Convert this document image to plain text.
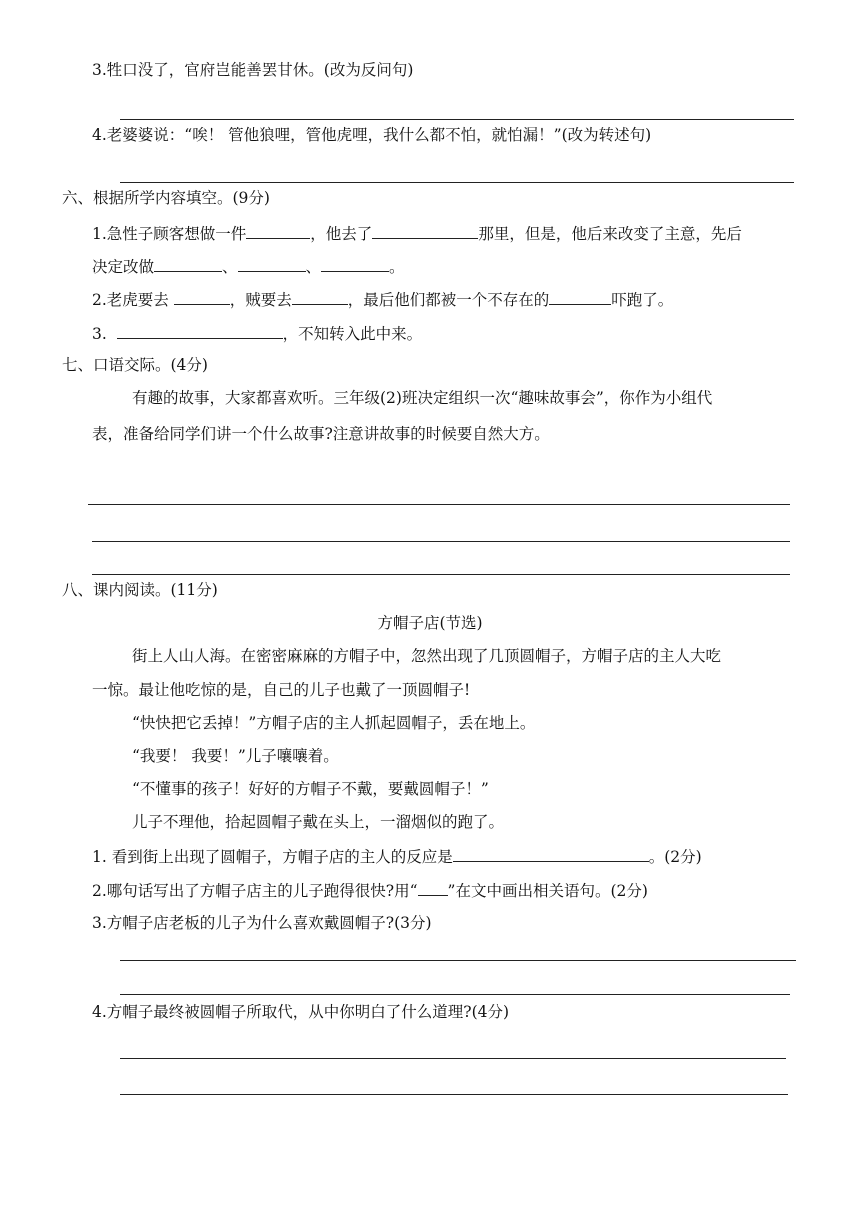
3.牲口没了，官府岂能善罢甘休。(改为反问句)
4.老婆婆说：“唉！ 管他狼哩，管他虎哩，我什么都不怕，就怕漏！”(改为转述句)
六、根据所学内容填空。(9分)
1.急性子顾客想做一件	，他去了	那里，但是，他后来改变了主意，先后
决定改做	、	、	。
2.老虎要去	，贼要去	，最后他们都被一个不存在的	吓跑了。
3.	，不知转入此中来。
七、口语交际。(4分)
有趣的故事，大家都喜欢听。三年级(2)班决定组织一次“趣味故事会”，你作为小组代
表，准备给同学们讲一个什么故事?注意讲故事的时候要自然大方。
八、课内阅读。(11分)
方帽子店(节选)
街上人山人海。在密密麻麻的方帽子中，忽然出现了几顶圆帽子，方帽子店的主人大吃
一惊。最让他吃惊的是，自己的儿子也戴了一顶圆帽子!
“快快把它丢掉！”方帽子店的主人抓起圆帽子，丢在地上。
“我要！ 我要！”儿子嚷嚷着。
“不懂事的孩子！好好的方帽子不戴，要戴圆帽子！”
儿子不理他，拾起圆帽子戴在头上，一溜烟似的跑了。
1. 看到街上出现了圆帽子，方帽子店的主人的反应是	。(2分)
2.哪句话写出了方帽子店主的儿子跑得很快?用“ ”在文中画出相关语句。(2分)
3.方帽子店老板的儿子为什么喜欢戴圆帽子?(3分)
4.方帽子最终被圆帽子所取代，从中你明白了什么道理?(4分)
